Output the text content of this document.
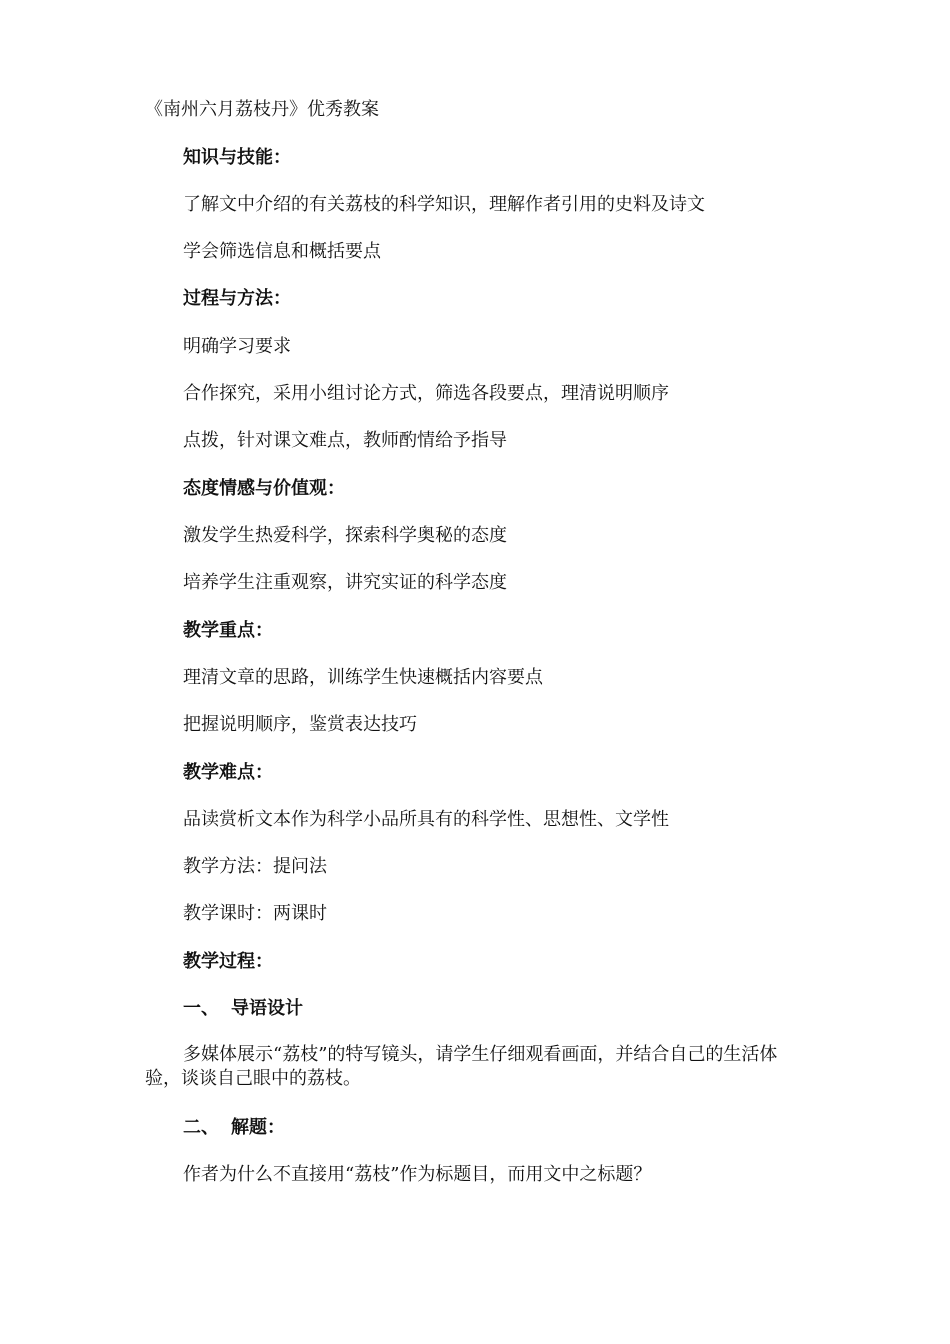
《南州六月荔枝丹》优秀教案
知识与技能：
了解文中介绍的有关荔枝的科学知识，理解作者引用的史料及诗文
学会筛选信息和概括要点
过程与方法：
明确学习要求
合作探究，采用小组讨论方式，筛选各段要点，理清说明顺序
点拨，针对课文难点，教师酌情给予指导
态度情感与价值观：
激发学生热爱科学，探索科学奥秘的态度
培养学生注重观察，讲究实证的科学态度
教学重点：
理清文章的思路，训练学生快速概括内容要点
把握说明顺序，鉴赏表达技巧
教学难点：
品读赏析文本作为科学小品所具有的科学性、思想性、文学性
教学方法：提问法
教学课时：两课时
教学过程：
一、 导语设计
多媒体展示“荔枝”的特写镜头，请学生仔细观看画面，并结合自己的生活体验，谈谈自己眼中的荔枝。
二、 解题：
作者为什么不直接用“荔枝”作为标题目，而用文中之标题？
